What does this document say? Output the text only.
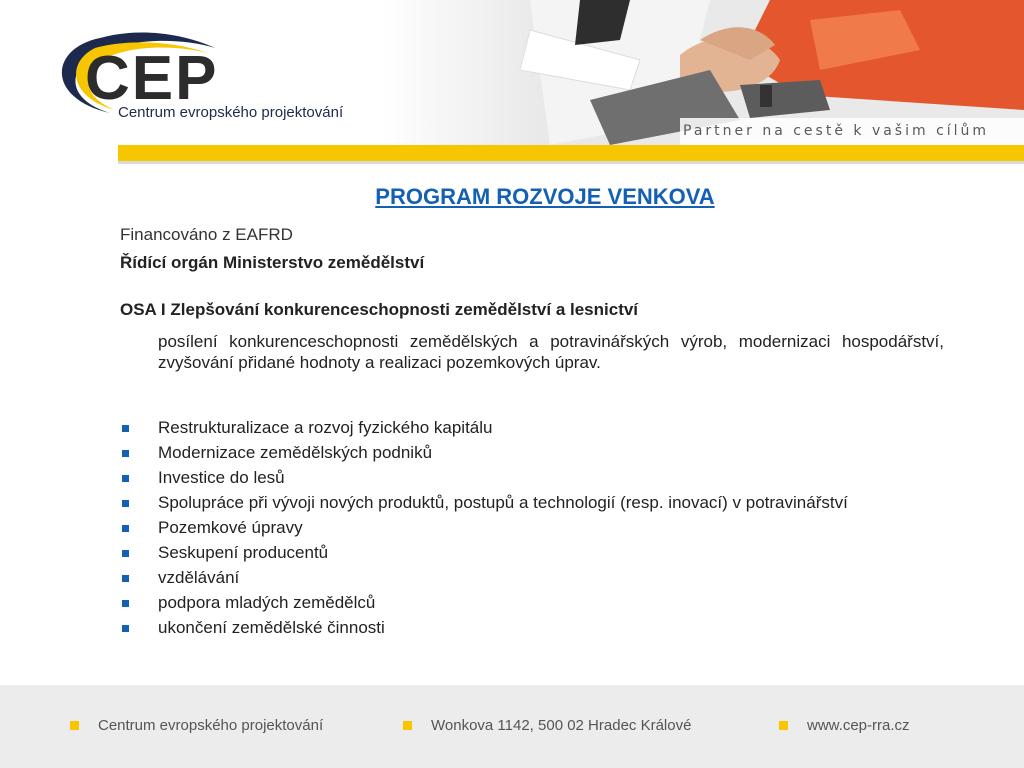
CEP
Centrum evropského projektování
Partner na cestě k vašim cílům
PROGRAM ROZVOJE VENKOVA
Financováno z EAFRD
Řídící orgán Ministerstvo zemědělství
OSA I Zlepšování konkurenceschopnosti zemědělství a lesnictví
posílení konkurenceschopnosti zemědělských a potravinářských výrob, modernizaci hospodářství, zvyšování přidané hodnoty a realizaci pozemkových úprav.
Restrukturalizace a rozvoj fyzického kapitálu
Modernizace zemědělských podniků
Investice do lesů
Spolupráce při vývoji nových produktů, postupů a technologií (resp. inovací) v potravinářství
Pozemkové úpravy
Seskupení producentů
vzdělávání
podpora mladých zemědělců
ukončení zemědělské činnosti
Centrum evropského projektování	Wonkova 1142, 500 02 Hradec Králové	www.cep-rra.cz
